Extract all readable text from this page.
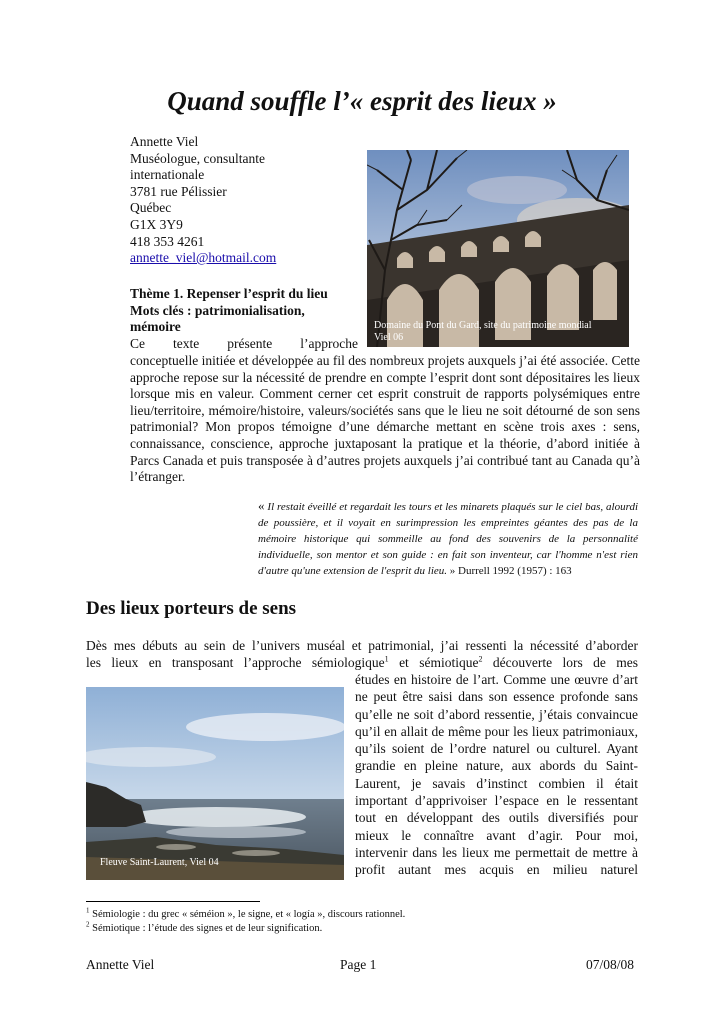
Quand souffle l’« esprit des lieux »
Annette Viel
Muséologue, consultante
internationale
3781 rue Pélissier
Québec
G1X 3Y9
418 353 4261
annette_viel@hotmail.com
Thème 1. Repenser l’esprit du lieu
Mots clés : patrimonialisation,
mémoire	Domaine du Pont du Gard, site du patrimoine mondial
Viel 06
Ce texte présente l’approche
conceptuelle initiée et développée au fil des nombreux projets auxquels j’ai été associée. Cette approche repose sur la nécessité de prendre en compte l’esprit dont sont dépositaires les lieux lorsque mis en valeur. Comment cerner cet esprit construit de rapports polysémiques entre lieu/territoire, mémoire/histoire, valeurs/sociétés sans que le lieu ne soit détourné de son sens patrimonial? Mon propos témoigne d’une démarche mettant en scène trois axes : sens, connaissance, conscience, approche juxtaposant la pratique et la théorie, d’abord initiée à Parcs Canada et puis transposée à d’autres projets auxquels j’ai contribué tant au Canada qu’à l’étranger.
« Il restait éveillé et regardait les tours et les minarets plaqués sur le ciel bas, alourdi de poussière, et il voyait en surimpression les empreintes géantes des pas de la mémoire historique qui sommeille au fond des souvenirs de la personnalité individuelle, son mentor et son guide : en fait son inventeur, car l'homme n'est rien d'autre qu'une extension de l'esprit du lieu. » Durrell 1992 (1957) : 163
Des lieux porteurs de sens
Dès mes débuts au sein de l’univers muséal et patrimonial, j’ai ressenti la nécessité d’aborder
les lieux en transposant l’approche sémiologique$^1$ et sémiotique$^2$ découverte lors de mes
études en histoire de l’art. Comme une œuvre d’art ne peut être saisi dans son essence profonde sans qu’elle ne soit d’abord ressentie, j’étais convaincue qu’il en allait de même pour les lieux patrimoniaux, qu’ils soient de l’ordre naturel ou culturel. Ayant grandie en pleine nature, aux abords du Saint-Laurent, je savais d’instinct combien il était important d’apprivoiser l’espace en le ressentant tout en développant des outils diversifiés pour mieux le connaître avant d’agir. Pour moi, intervenir dans les lieux me permettait de mettre à profit autant mes acquis en milieu naturel
Fleuve Saint-Laurent, Viel 04
$^1$ Sémiologie : du grec « séméion », le signe, et « logía », discours rationnel.
$^2$ Sémiotique : l’étude des signes et de leur signification.
Annette Viel	Page 1	07/08/08
